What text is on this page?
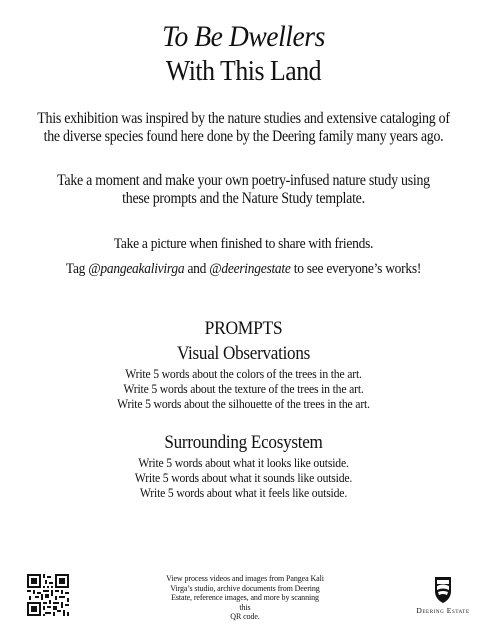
To Be Dwellers
With This Land
This exhibition was inspired by the nature studies and extensive cataloging of
the diverse species found here done by the Deering family many years ago.
Take a moment and make your own poetry-infused nature study using
these prompts and the Nature Study template.
Take a picture when finished to share with friends.
Tag @pangeakalivirga and @deeringestate to see everyone’s works!
PROMPTS
Visual Observations
Write 5 words about the colors of the trees in the art.
Write 5 words about the texture of the trees in the art.
Write 5 words about the silhouette of the trees in the art.
Surrounding Ecosystem
Write 5 words about what it looks like outside.
Write 5 words about what it sounds like outside.
Write 5 words about what it feels like outside.
View process videos and images from Pangea Kali
Virga’s studio, archive documents from Deering
Estate, reference images, and more by scanning this
QR code.
Deering Estate
